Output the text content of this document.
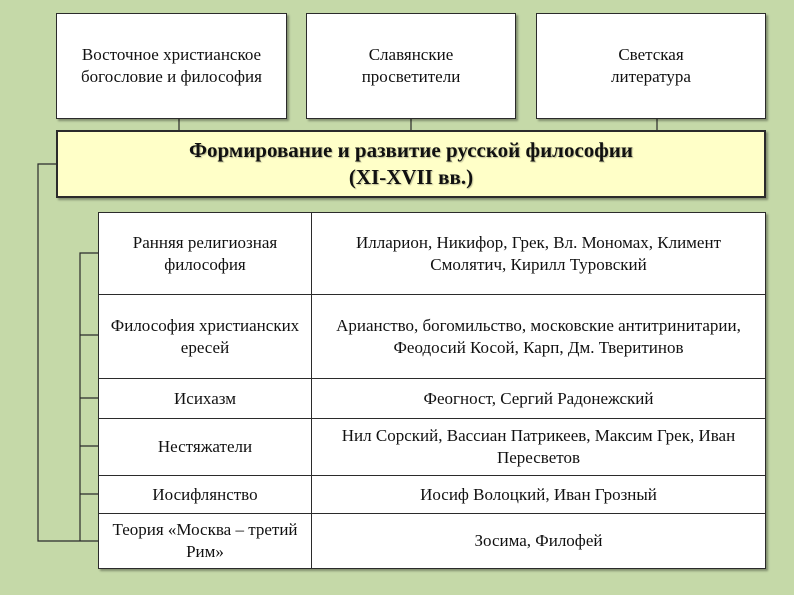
Восточное христианское богословие и философия
Славянские просветители
Светская литература
Формирование и развитие русской философии
(XI-XVII вв.)
Ранняя религиозная философия	Илларион, Никифор, Грек, Вл. Мономах, Климент Смолятич, Кирилл Туровский
Философия христианских ересей	Арианство, богомильство, московские антитринитарии, Феодосий Косой, Карп, Дм. Тверитинов
Исихазм	Феогност, Сергий Радонежский
Нестяжатели	Нил Сорский, Вассиан Патрикеев, Максим Грек, Иван Пересветов
Иосифлянство	Иосиф Волоцкий, Иван Грозный
Теория «Москва – третий Рим»	Зосима, Филофей
